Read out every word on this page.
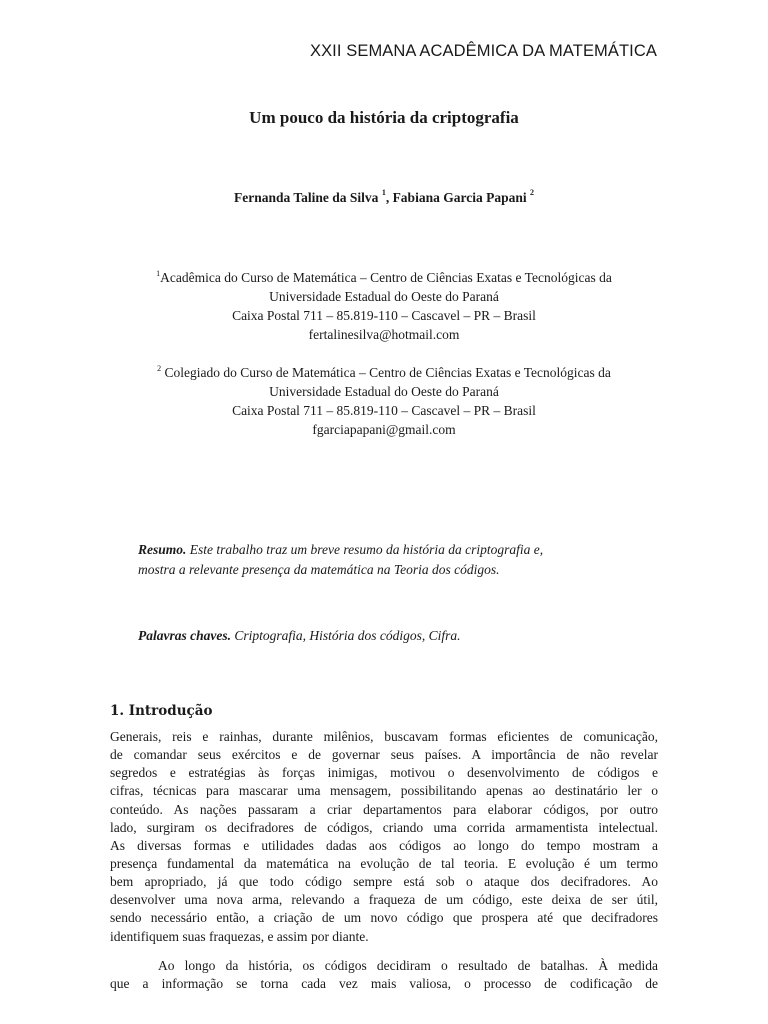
XXII SEMANA ACADÊMICA DA MATEMÁTICA
Um pouco da história da criptografia
Fernanda Taline da Silva $^1$, Fabiana Garcia Papani $^2$
$^1$Acadêmica do Curso de Matemática – Centro de Ciências Exatas e Tecnológicas da
Universidade Estadual do Oeste do Paraná
Caixa Postal 711 – 85.819-110 – Cascavel – PR – Brasil
fertalinesilva@hotmail.com
$^2$ Colegiado do Curso de Matemática – Centro de Ciências Exatas e Tecnológicas da
Universidade Estadual do Oeste do Paraná
Caixa Postal 711 – 85.819-110 – Cascavel – PR – Brasil
fgarciapapani@gmail.com
Resumo. Este trabalho traz um breve resumo da história da criptografia e,
mostra a relevante presença da matemática na Teoria dos códigos.
Palavras chaves. Criptografia, História dos códigos, Cifra.
1. Introdução
Generais, reis e rainhas, durante milênios, buscavam formas eficientes de comunicação,
de comandar seus exércitos e de governar seus países. A importância de não revelar
segredos e estratégias às forças inimigas, motivou o desenvolvimento de códigos e
cifras, técnicas para mascarar uma mensagem, possibilitando apenas ao destinatário ler o
conteúdo. As nações passaram a criar departamentos para elaborar códigos, por outro
lado, surgiram os decifradores de códigos, criando uma corrida armamentista intelectual.
As diversas formas e utilidades dadas aos códigos ao longo do tempo mostram a
presença fundamental da matemática na evolução de tal teoria. E evolução é um termo
bem apropriado, já que todo código sempre está sob o ataque dos decifradores. Ao
desenvolver uma nova arma, relevando a fraqueza de um código, este deixa de ser útil,
sendo necessário então, a criação de um novo código que prospera até que decifradores
identifiquem suas fraquezas, e assim por diante.
Ao longo da história, os códigos decidiram o resultado de batalhas. À medida
que a informação se torna cada vez mais valiosa, o processo de codificação de
